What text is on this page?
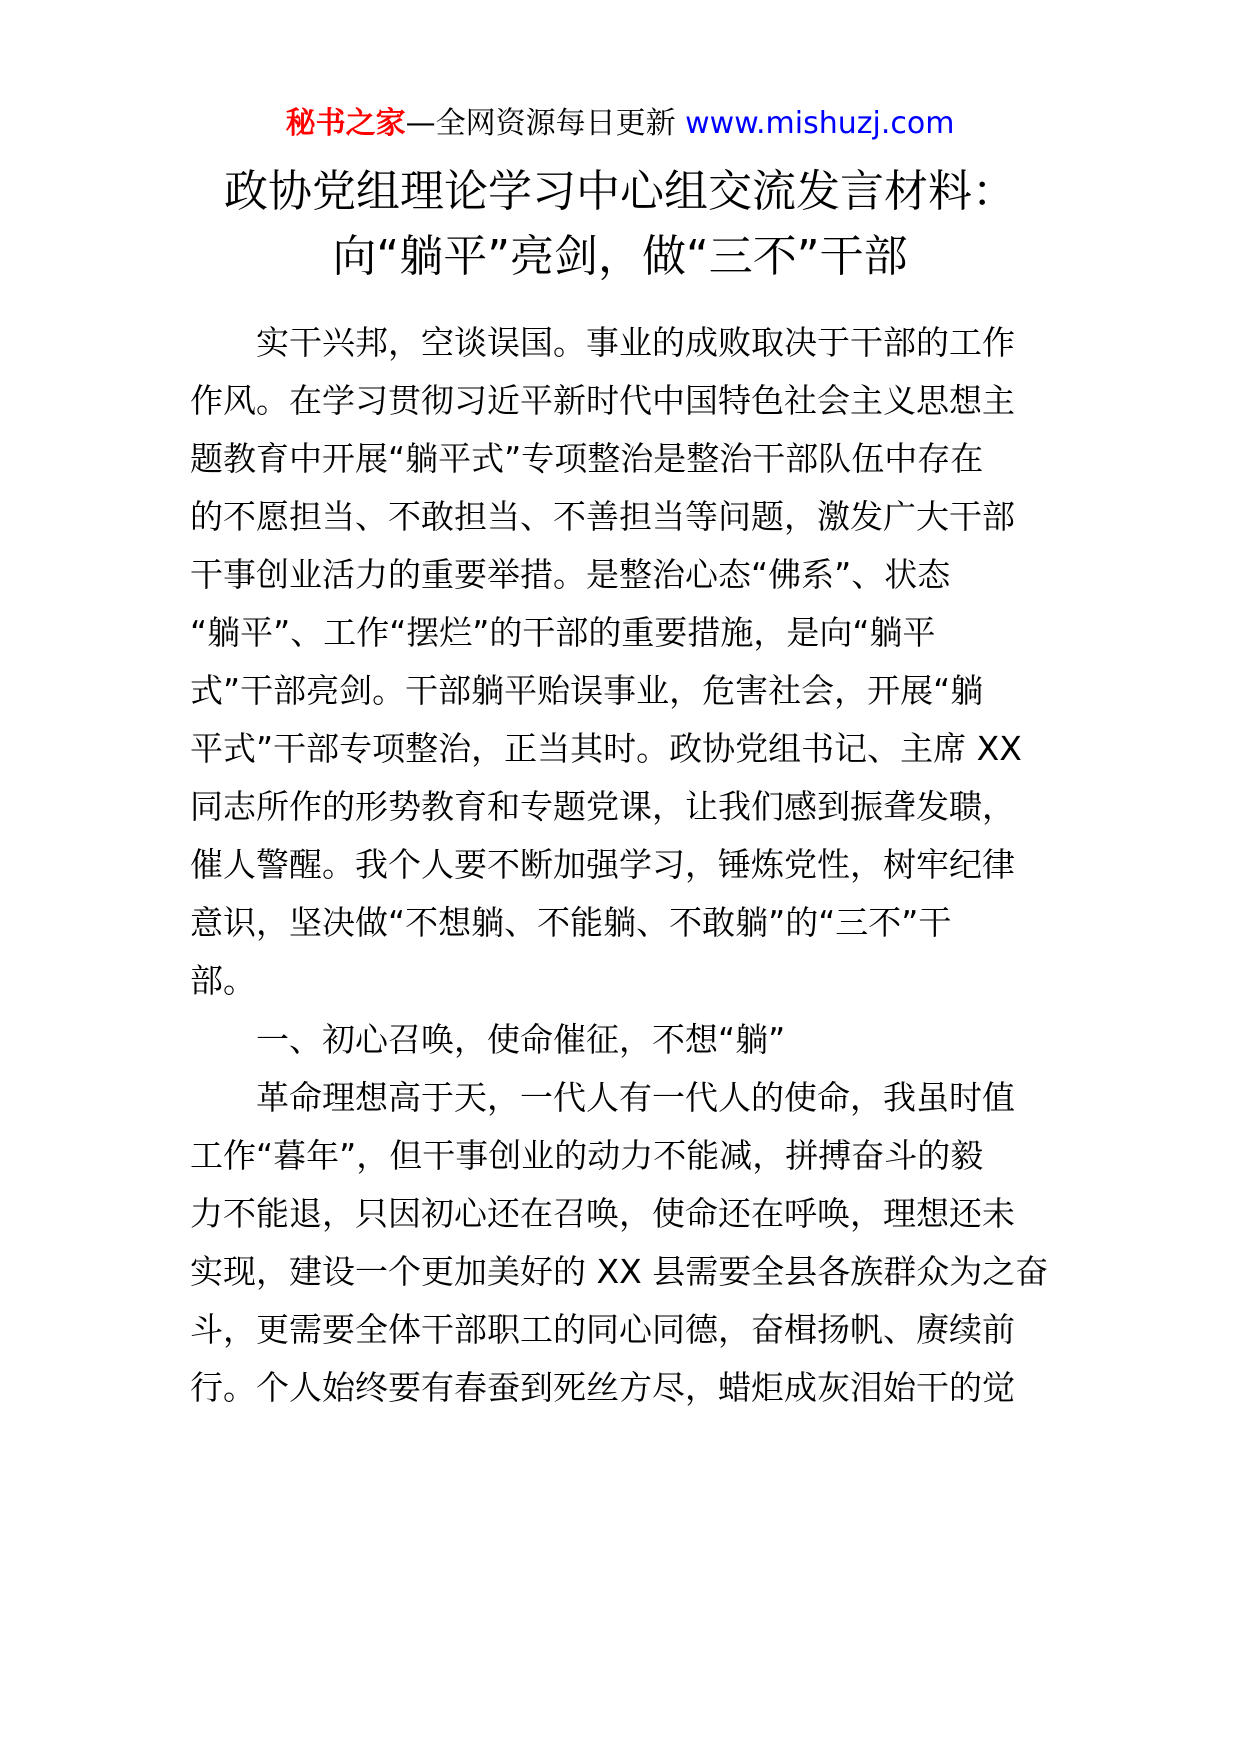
秘书之家—全网资源每日更新 www.mishuzj.com
政协党组理论学习中心组交流发言材料：
向“躺平”亮剑，做“三不”干部
　　实干兴邦，空谈误国。事业的成败取决于干部的工作
作风。在学习贯彻习近平新时代中国特色社会主义思想主
题教育中开展“躺平式”专项整治是整治干部队伍中存在
的不愿担当、不敢担当、不善担当等问题，激发广大干部
干事创业活力的重要举措。是整治心态“佛系”、状态
“躺平”、工作“摆烂”的干部的重要措施，是向“躺平
式”干部亮剑。干部躺平贻误事业，危害社会，开展“躺
平式”干部专项整治，正当其时。政协党组书记、主席 XX
同志所作的形势教育和专题党课，让我们感到振聋发聩，
催人警醒。我个人要不断加强学习，锤炼党性，树牢纪律
意识，坚决做“不想躺、不能躺、不敢躺”的“三不”干
部。
　　一、初心召唤，使命催征，不想“躺”
　　革命理想高于天，一代人有一代人的使命，我虽时值
工作“暮年”，但干事创业的动力不能减，拼搏奋斗的毅
力不能退，只因初心还在召唤，使命还在呼唤，理想还未
实现，建设一个更加美好的 XX 县需要全县各族群众为之奋
斗，更需要全体干部职工的同心同德，奋楫扬帆、赓续前
行。个人始终要有春蚕到死丝方尽，蜡炬成灰泪始干的觉
